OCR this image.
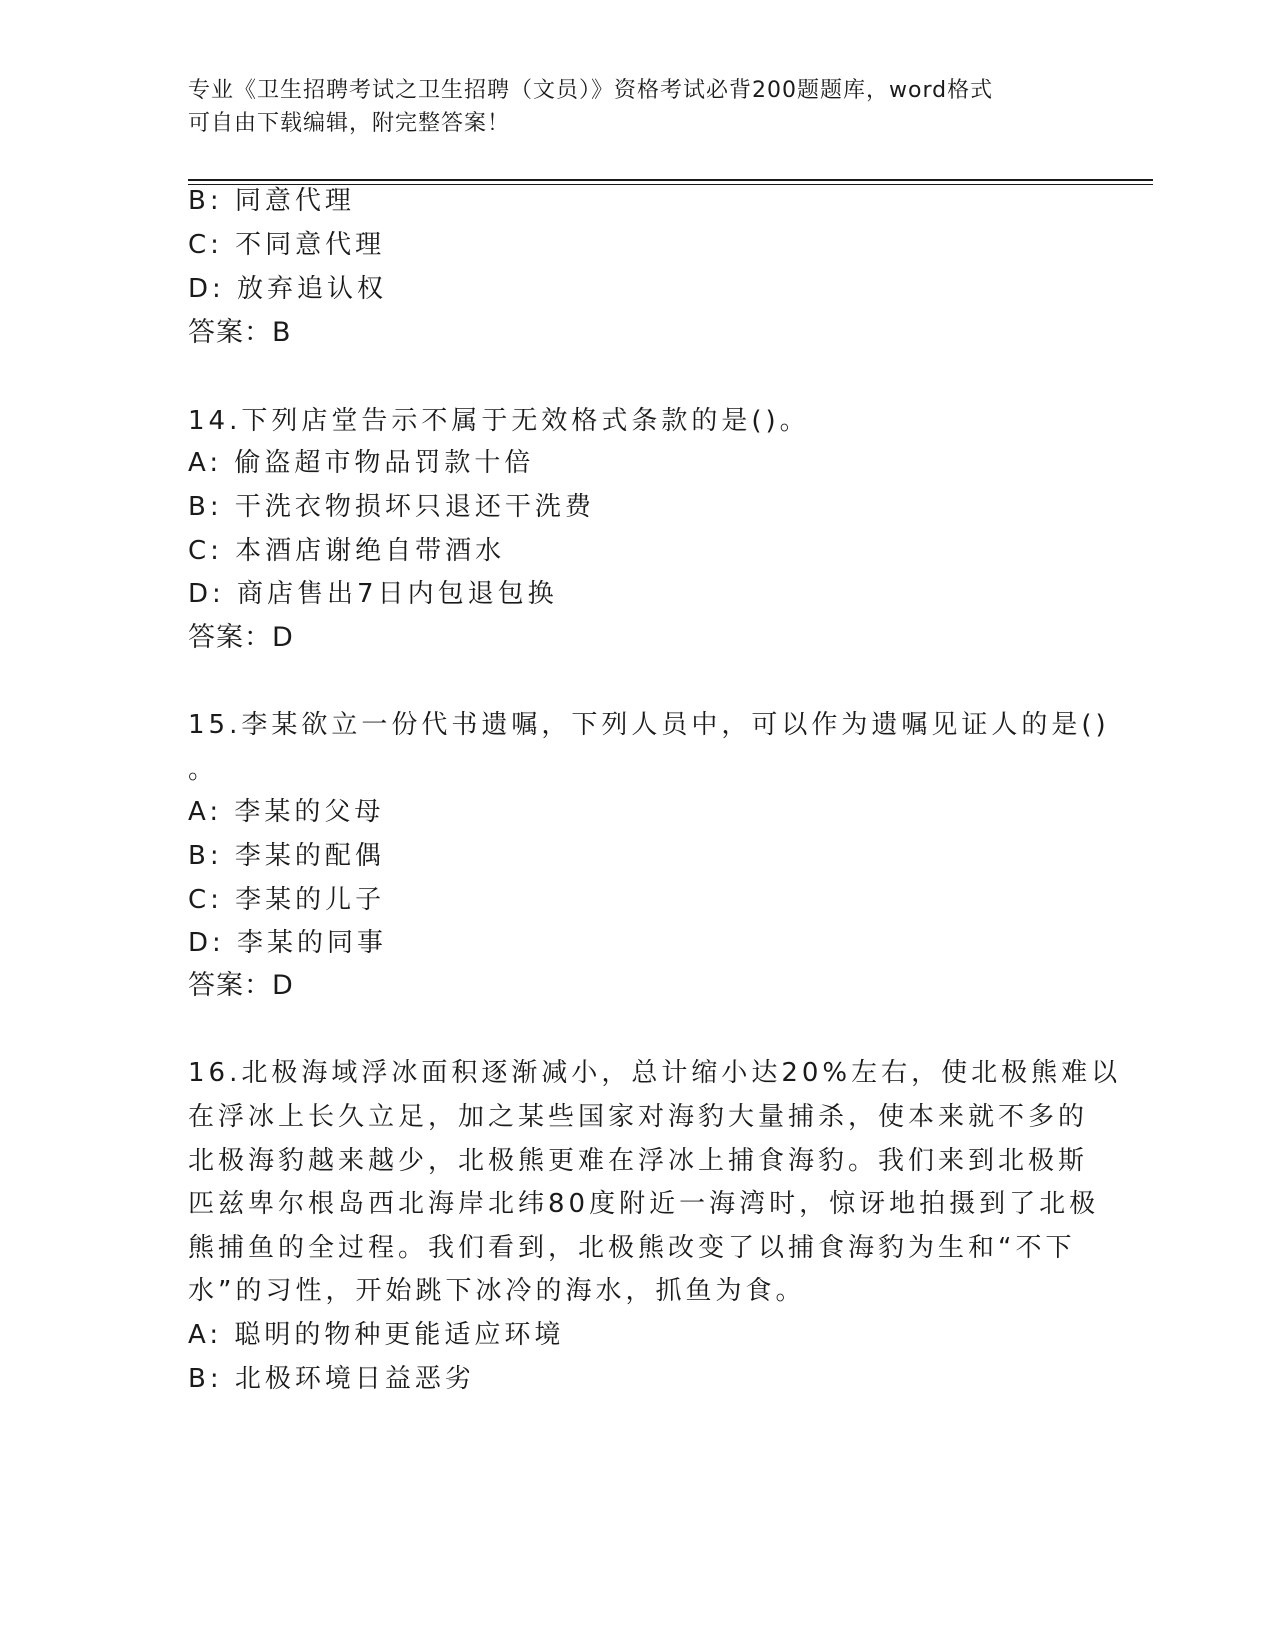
专业《卫生招聘考试之卫生招聘（文员）》资格考试必背200题题库，word格式
可自由下载编辑，附完整答案！
B: 同意代理
C: 不同意代理
D: 放弃追认权
答案：B
14.下列店堂告示不属于无效格式条款的是()。
A: 偷盗超市物品罚款十倍
B: 干洗衣物损坏只退还干洗费
C: 本酒店谢绝自带酒水
D: 商店售出7日内包退包换
答案：D
15.李某欲立一份代书遗嘱，下列人员中，可以作为遗嘱见证人的是()
。
A: 李某的父母
B: 李某的配偶
C: 李某的儿子
D: 李某的同事
答案：D
16.北极海域浮冰面积逐渐减小，总计缩小达20%左右，使北极熊难以
在浮冰上长久立足，加之某些国家对海豹大量捕杀，使本来就不多的
北极海豹越来越少，北极熊更难在浮冰上捕食海豹。我们来到北极斯
匹兹卑尔根岛西北海岸北纬80度附近一海湾时，惊讶地拍摄到了北极
熊捕鱼的全过程。我们看到，北极熊改变了以捕食海豹为生和“不下
水”的习性，开始跳下冰冷的海水，抓鱼为食。
A: 聪明的物种更能适应环境
B: 北极环境日益恶劣
